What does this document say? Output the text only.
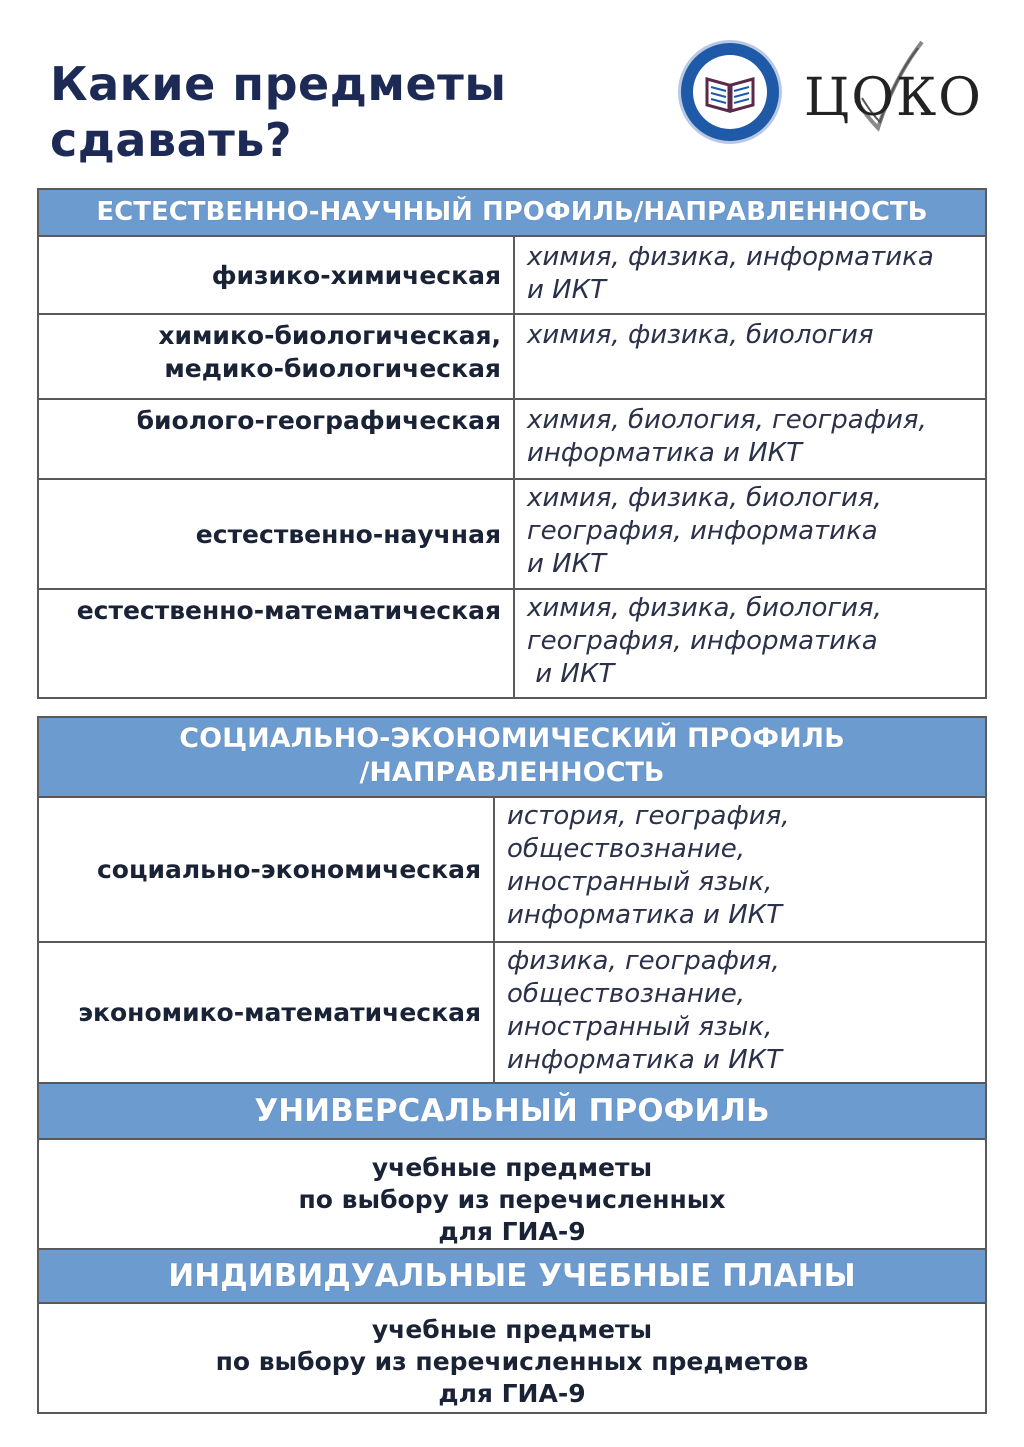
Какие предметы
сдавать?
ЦОКО
ЕСТЕСТВЕННО-НАУЧНЫЙ ПРОФИЛЬ/НАПРАВЛЕННОСТЬ
физико-химическая
химия, физика, информатика
и ИКТ
химико-биологическая,
медико-биологическая
химия, физика, биология
биолого-географическая химия, биология, география,
информатика и ИКТ
естественно-научная
химия, физика, биология,
география, информатика
и ИКТ
естественно-математическая химия, физика, биология,
география, информатика
и ИКТ
СОЦИАЛЬНО-ЭКОНОМИЧЕСКИЙ ПРОФИЛЬ
/НАПРАВЛЕННОСТЬ
социально-экономическая
история, география,
обществознание,
иностранный язык,
информатика и ИКТ
экономико-математическая
физика, география,
обществознание,
иностранный язык,
информатика и ИКТ
УНИВЕРСАЛЬНЫЙ ПРОФИЛЬ
учебные предметы
по выбору из перечисленных
для ГИА-9
ИНДИВИДУАЛЬНЫЕ УЧЕБНЫЕ ПЛАНЫ
учебные предметы
по выбору из перечисленных предметов
для ГИА-9
